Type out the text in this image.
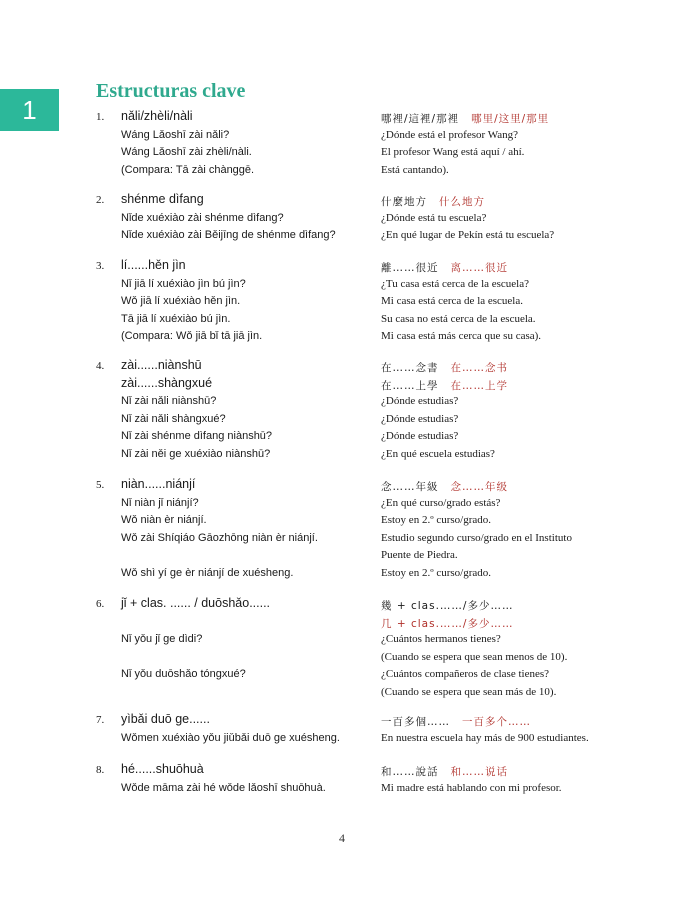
1
Estructuras clave
1. nǎli/zhèli/nàli	哪裡/這裡/那裡 哪里/这里/那里
Wáng Lǎoshī zài nǎli?	¿Dónde está el profesor Wang?
Wáng Lǎoshī zài zhèli/nàli.	El profesor Wang está aquí / ahí.
(Compara: Tā zài chànggē.	Está cantando).
2. shénme dìfang	什麼地方 什么地方
Nǐde xuéxiào zài shénme dìfang?	¿Dónde está tu escuela?
Nǐde xuéxiào zài Běijīng de shénme dìfang?	¿En qué lugar de Pekín está tu escuela?
3. lí......hěn jìn	離……很近 离……很近
Nǐ jiā lí xuéxiào jìn bú jìn?	¿Tu casa está cerca de la escuela?
Wǒ jiā lí xuéxiào hěn jìn.	Mi casa está cerca de la escuela.
Tā jiā lí xuéxiào bú jìn.	Su casa no está cerca de la escuela.
(Compara: Wǒ jiā bǐ tā jiā jìn.	Mi casa está más cerca que su casa).
4. zài......niànshū	在……念書 在……念书
zài......shàngxué	在……上學 在……上学
Nǐ zài nǎli niànshū?	¿Dónde estudias?
Nǐ zài nǎli shàngxué?	¿Dónde estudias?
Nǐ zài shénme dìfang niànshū?	¿Dónde estudias?
Nǐ zài něi ge xuéxiào niànshū?	¿En qué escuela estudias?
5. niàn......niánjí	念……年級 念……年级
Nǐ niàn jǐ niánjí?	¿En qué curso/grado estás?
Wǒ niàn èr niánjí.	Estoy en 2.º curso/grado.
Wǒ zài Shíqiáo Gāozhōng niàn èr niánjí.	Estudio segundo curso/grado en el Instituto
Puente de Piedra.
Wǒ shì yí ge èr niánjí de xuésheng.	Estoy en 2.º curso/grado.
6. jǐ + clas. ...... / duōshǎo......	幾 + clas.……/多少……
几 + clas.……/多少……
Nǐ yǒu jǐ ge dìdi?	¿Cuántos hermanos tienes?
(Cuando se espera que sean menos de 10).
Nǐ yǒu duōshǎo tóngxué?	¿Cuántos compañeros de clase tienes?
(Cuando se espera que sean más de 10).
7. yìbǎi duō ge......	一百多個…… 一百多个……
Wǒmen xuéxiào yǒu jiǔbǎi duō ge xuésheng.	En nuestra escuela hay más de 900 estudiantes.
8. hé......shuōhuà	和……說話 和……说话
Wǒde māma zài hé wǒde lǎoshī shuōhuà.	Mi madre está hablando con mi profesor.
4
